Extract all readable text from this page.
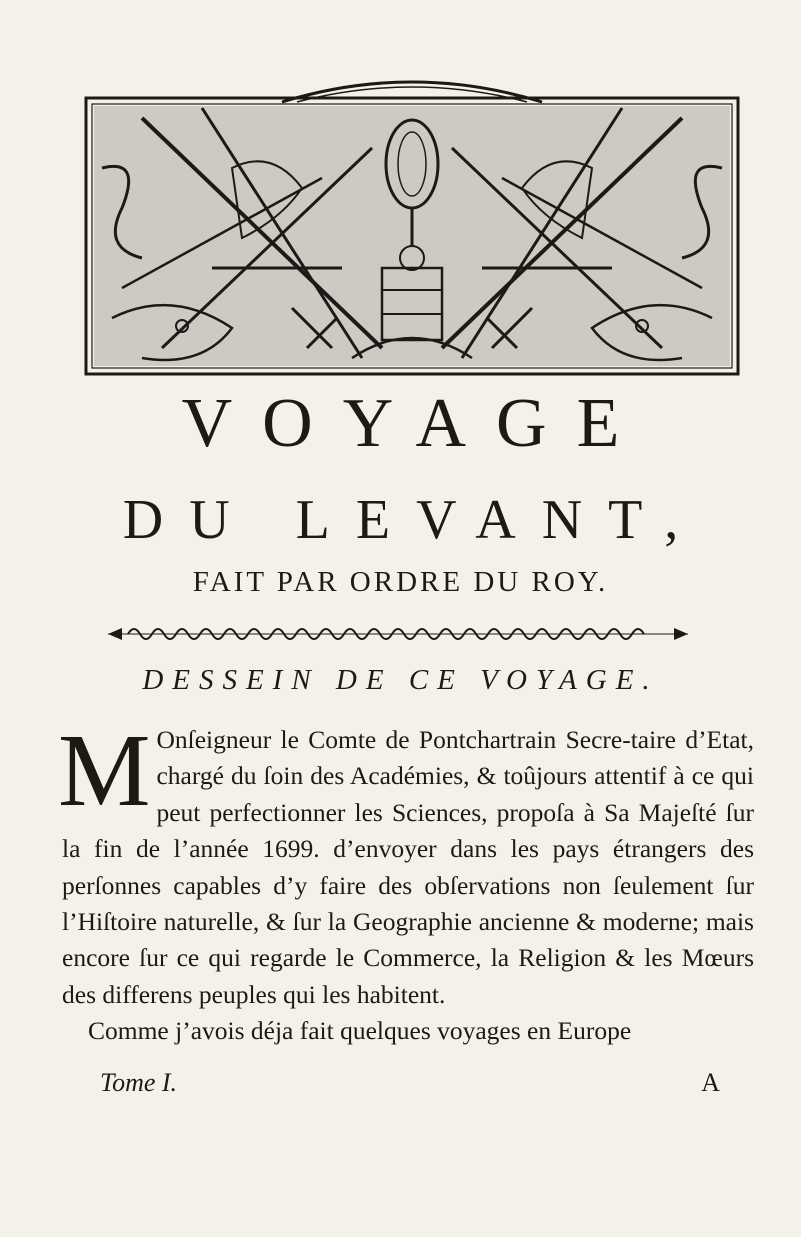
VOYAGE
DU LEVANT,
FAIT PAR ORDRE DU ROY.
DESSEIN DE CE VOYAGE.

M Onſeigneur le Comte de Pontchartrain Secre-taire d’Etat, chargé du ſoin des Académies, & toûjours attentif à ce qui peut perfectionner les Sciences, propoſa à Sa Majeſté ſur la fin de l’année 1699. d’envoyer dans les pays étrangers des perſonnes capables d’y faire des obſervations non ſeulement ſur l’Hiſtoire naturelle, & ſur la Geographie ancienne & moderne; mais encore ſur ce qui regarde le Commerce, la Religion & les Mœurs des differens peuples qui les habitent.

Comme j’avois déja fait quelques voyages en Europe

Tome I.	A
